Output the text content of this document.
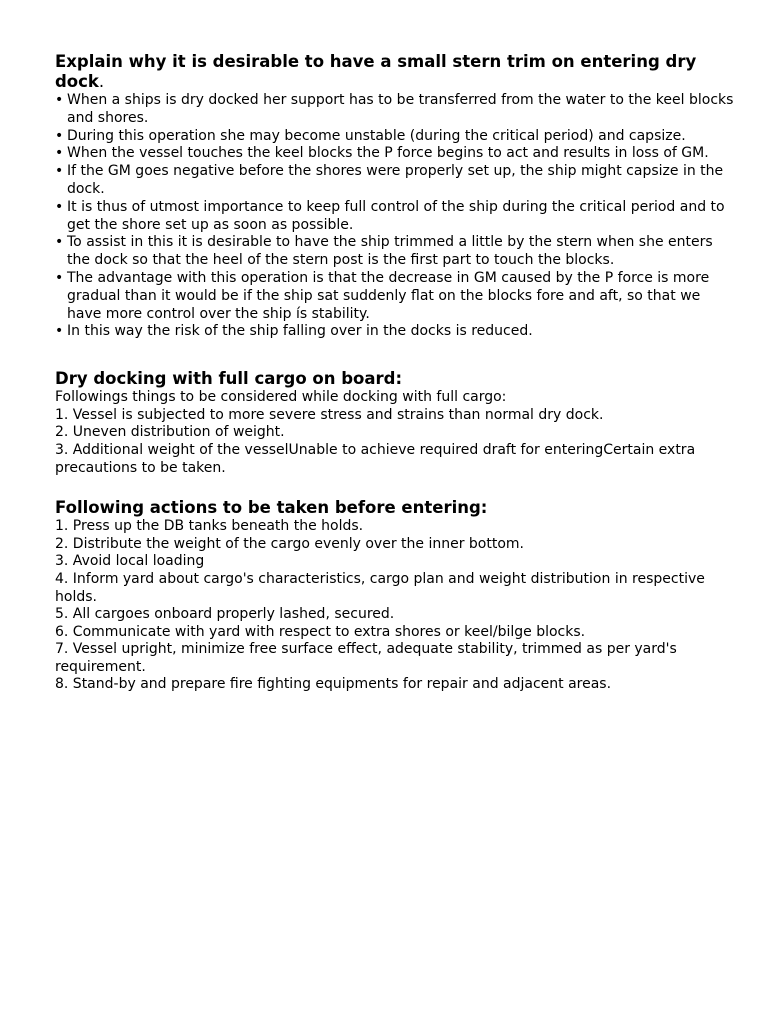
Explain why it is desirable to have a small stern trim on entering dry dock.
• When a ships is dry docked her support has to be transferred from the water to the keel blocks and shores.
• During this operation she may become unstable (during the critical period) and capsize.
• When the vessel touches the keel blocks the P force begins to act and results in loss of GM.
• If the GM goes negative before the shores were properly set up, the ship might capsize in the dock.
• It is thus of utmost importance to keep full control of the ship during the critical period and to get the shore set up as soon as possible.
• To assist in this it is desirable to have the ship trimmed a little by the stern when she enters the dock so that the heel of the stern post is the first part to touch the blocks.
• The advantage with this operation is that the decrease in GM caused by the P force is more gradual than it would be if the ship sat suddenly flat on the blocks fore and aft, so that we have more control over the ship ís stability.
• In this way the risk of the ship falling over in the docks is reduced.
Dry docking with full cargo on board:

Followings things to be considered while docking with full cargo:

1. Vessel is subjected to more severe stress and strains than normal dry dock.
2. Uneven distribution of weight.
3. Additional weight of the vesselUnable to achieve required draft for enteringCertain extra precautions to be taken.
Following actions to be taken before entering:
1. Press up the DB tanks beneath the holds.
2. Distribute the weight of the cargo evenly over the inner bottom.
3. Avoid local loading
4. Inform yard about cargo's characteristics, cargo plan and weight distribution in respective holds.
5. All cargoes onboard properly lashed, secured.
6. Communicate with yard with respect to extra shores or keel/bilge blocks.
7. Vessel upright, minimize free surface effect, adequate stability, trimmed as per yard's requirement.
8. Stand-by and prepare fire fighting equipments for repair and adjacent areas.
